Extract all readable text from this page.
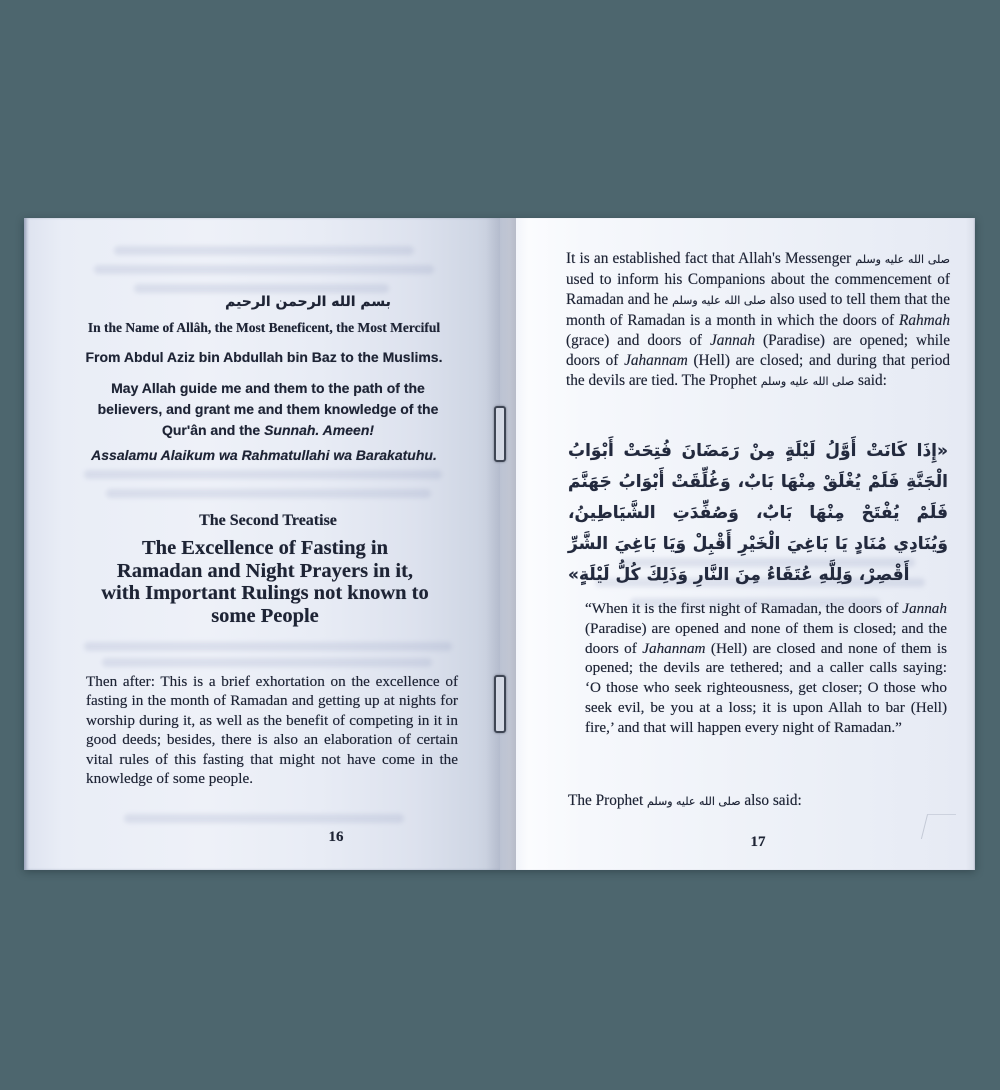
بسم الله الرحمن الرحيم
In the Name of Allâh, the Most Beneficent, the Most Merciful
From Abdul Aziz bin Abdullah bin Baz to the Muslims.
May Allah guide me and them to the path of the believers, and grant me and them knowledge of the Qur'ân and the Sunnah. Ameen!
Assalamu Alaikum wa Rahmatullahi wa Barakatuhu.
The Second Treatise
The Excellence of Fasting in
Ramadan and Night Prayers in it,
with Important Rulings not known to
some People

Then after: This is a brief exhortation on the excellence of fasting in the month of Ramadan and getting up at nights for worship during it, as well as the benefit of competing in it in good deeds; besides, there is also an elaboration of certain vital rules of this fasting that might not have come in the knowledge of some people.

16

It is an established fact that Allah's Messenger صلى الله عليه وسلم used to inform his Companions about the commencement of Ramadan and he صلى الله عليه وسلم also used to tell them that the month of Ramadan is a month in which the doors of Rahmah (grace) and doors of Jannah (Paradise) are opened; while doors of Jahannam (Hell) are closed; and during that period the devils are tied. The Prophet صلى الله عليه وسلم said:

«إِذَا كَانَتْ أَوَّلُ لَيْلَةٍ مِنْ رَمَضَانَ فُتِحَتْ أَبْوَابُ الْجَنَّةِ فَلَمْ يُغْلَقْ مِنْهَا بَابٌ، وَغُلِّقَتْ أَبْوَابُ جَهَنَّمَ فَلَمْ يُفْتَحْ مِنْهَا بَابٌ، وَصُفِّدَتِ الشَّيَاطِينُ، وَيُنَادِي مُنَادٍ يَا بَاغِيَ الْخَيْرِ أَقْبِلْ وَيَا بَاغِيَ الشَّرِّ أَقْصِرْ، وَلِلَّهِ عُتَقَاءُ مِنَ النَّارِ وَذَلِكَ كُلُّ لَيْلَةٍ»

“When it is the first night of Ramadan, the doors of Jannah (Paradise) are opened and none of them is closed; and the doors of Jahannam (Hell) are closed and none of them is opened; the devils are tethered; and a caller calls saying: ‘O those who seek righteousness, get closer; O those who seek evil, be you at a loss; it is upon Allah to bar (Hell) fire,’ and that will happen every night of Ramadan.”

The Prophet صلى الله عليه وسلم also said:

17
